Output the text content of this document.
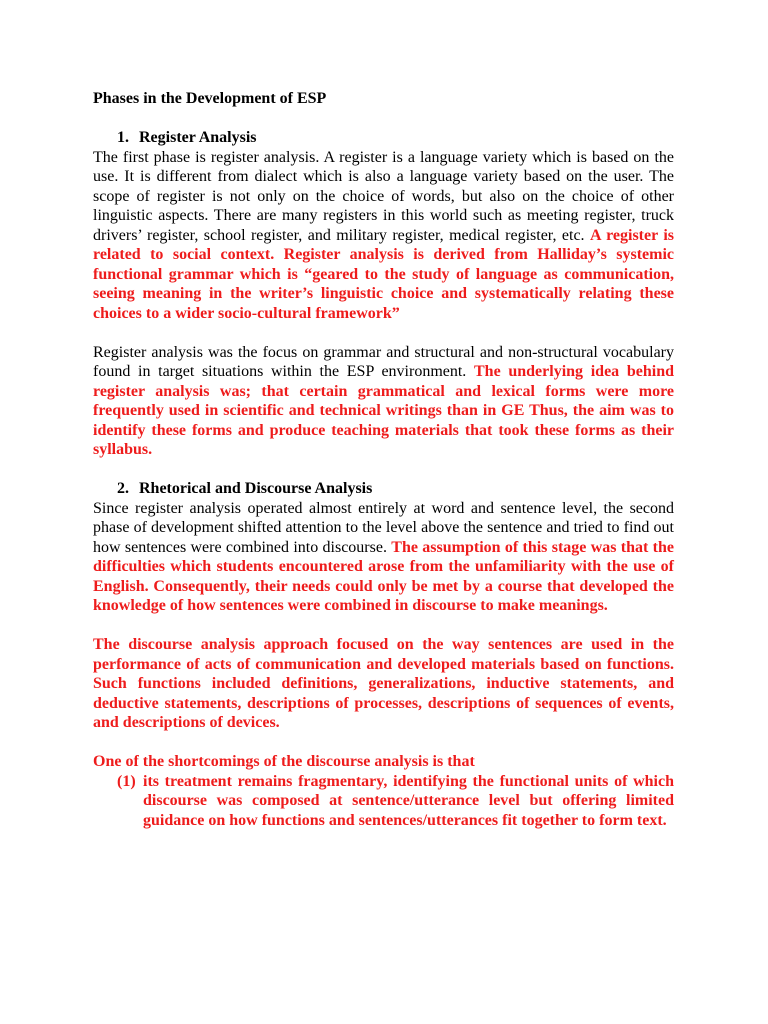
Phases in the Development of ESP
1. Register Analysis

The first phase is register analysis. A register is a language variety which is based on the use. It is different from dialect which is also a language variety based on the user. The scope of register is not only on the choice of words, but also on the choice of other linguistic aspects. There are many registers in this world such as meeting register, truck drivers’ register, school register, and military register, medical register, etc. A register is related to social context. Register analysis is derived from Halliday’s systemic functional grammar which is “geared to the study of language as communication, seeing meaning in the writer’s linguistic choice and systematically relating these choices to a wider socio-cultural framework”

Register analysis was the focus on grammar and structural and non-structural vocabulary found in target situations within the ESP environment. The underlying idea behind register analysis was; that certain grammatical and lexical forms were more frequently used in scientific and technical writings than in GE Thus, the aim was to identify these forms and produce teaching materials that took these forms as their syllabus.

2. Rhetorical and Discourse Analysis

Since register analysis operated almost entirely at word and sentence level, the second phase of development shifted attention to the level above the sentence and tried to find out how sentences were combined into discourse. The assumption of this stage was that the difficulties which students encountered arose from the unfamiliarity with the use of English. Consequently, their needs could only be met by a course that developed the knowledge of how sentences were combined in discourse to make meanings.

The discourse analysis approach focused on the way sentences are used in the performance of acts of communication and developed materials based on functions. Such functions included definitions, generalizations, inductive statements, and deductive statements, descriptions of processes, descriptions of sequences of events, and descriptions of devices.

One of the shortcomings of the discourse analysis is that

(1) its treatment remains fragmentary, identifying the functional units of which discourse was composed at sentence/utterance level but offering limited guidance on how functions and sentences/utterances fit together to form text.
